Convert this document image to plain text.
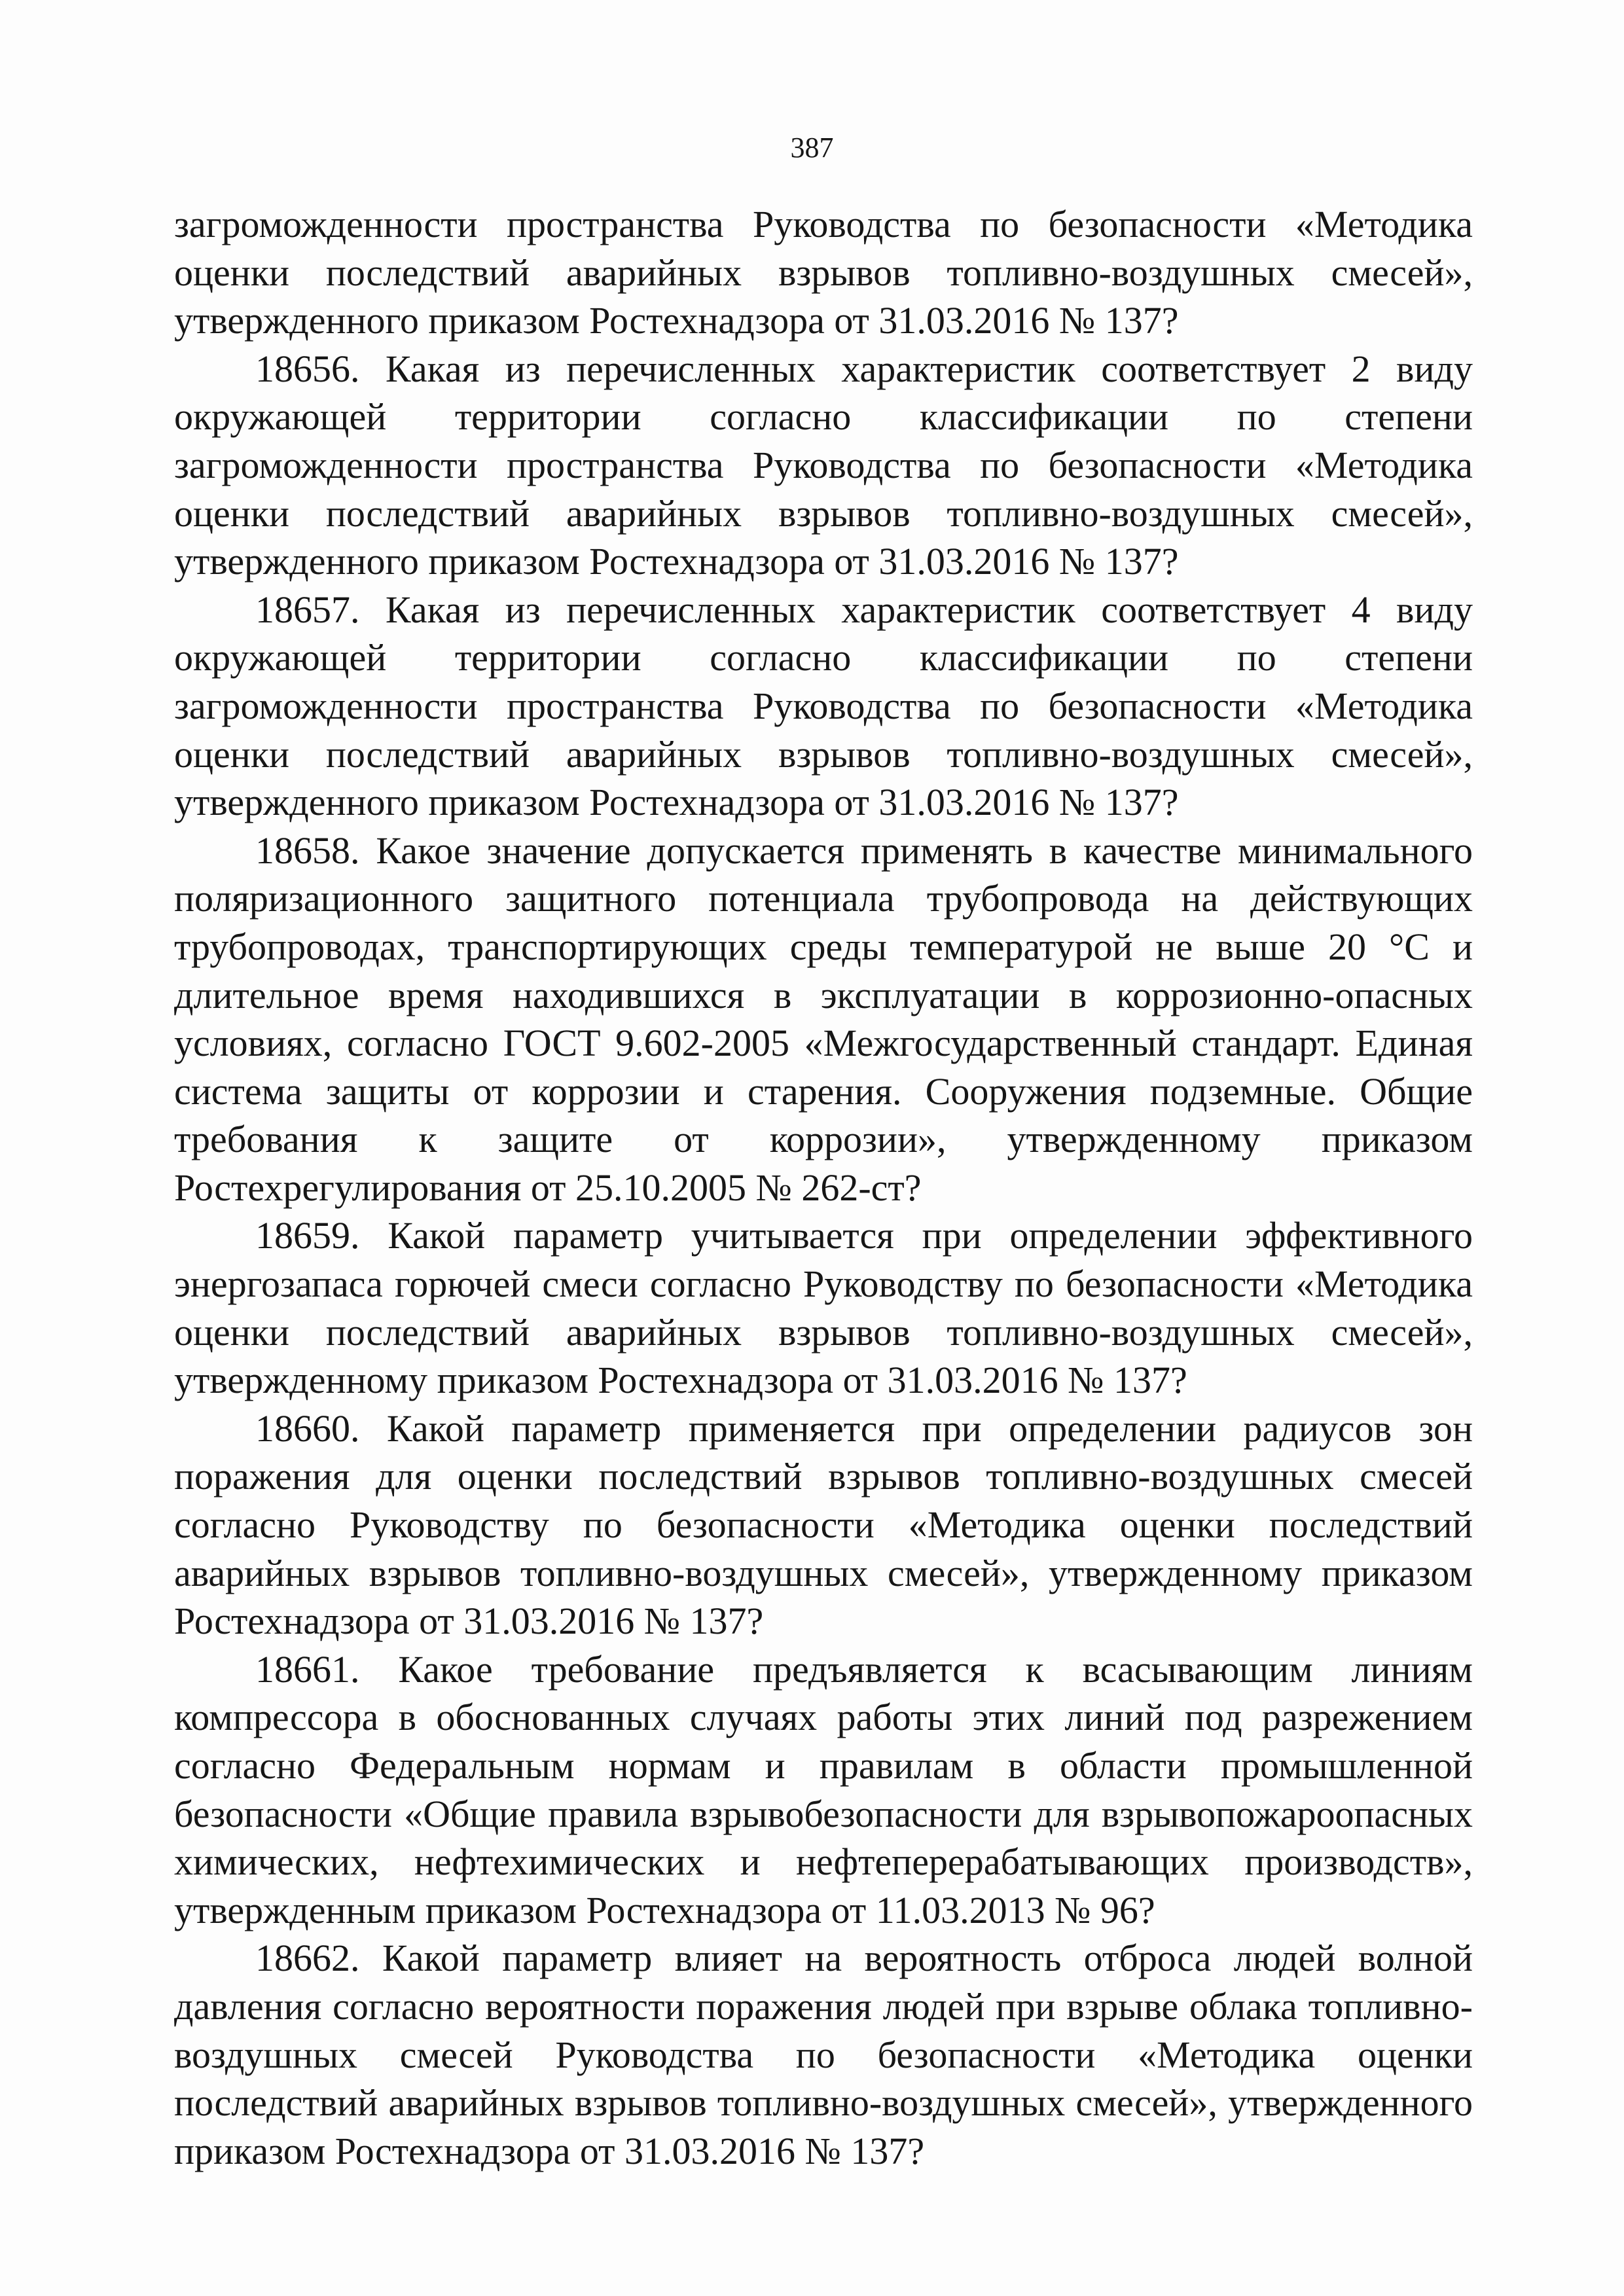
387

загроможденности пространства Руководства по безопасности «Методика оценки последствий аварийных взрывов топливно-воздушных смесей», утвержденного приказом Ростехнадзора от 31.03.2016 № 137?

18656. Какая из перечисленных характеристик соответствует 2 виду окружающей территории согласно классификации по степени загроможденности пространства Руководства по безопасности «Методика оценки последствий аварийных взрывов топливно-воздушных смесей», утвержденного приказом Ростехнадзора от 31.03.2016 № 137?

18657. Какая из перечисленных характеристик соответствует 4 виду окружающей территории согласно классификации по степени загроможденности пространства Руководства по безопасности «Методика оценки последствий аварийных взрывов топливно-воздушных смесей», утвержденного приказом Ростехнадзора от 31.03.2016 № 137?

18658. Какое значение допускается применять в качестве минимального поляризационного защитного потенциала трубопровода на действующих трубопроводах, транспортирующих среды температурой не выше 20 °С и длительное время находившихся в эксплуатации в коррозионно-опасных условиях, согласно ГОСТ 9.602-2005 «Межгосударственный стандарт. Единая система защиты от коррозии и старения. Сооружения подземные. Общие требования к защите от коррозии», утвержденному приказом Ростехрегулирования от 25.10.2005 № 262-ст?

18659. Какой параметр учитывается при определении эффективного энергозапаса горючей смеси согласно Руководству по безопасности «Методика оценки последствий аварийных взрывов топливно-воздушных смесей», утвержденному приказом Ростехнадзора от 31.03.2016 № 137?

18660. Какой параметр применяется при определении радиусов зон поражения для оценки последствий взрывов топливно-воздушных смесей согласно Руководству по безопасности «Методика оценки последствий аварийных взрывов топливно-воздушных смесей», утвержденному приказом Ростехнадзора от 31.03.2016 № 137?

18661. Какое требование предъявляется к всасывающим линиям компрессора в обоснованных случаях работы этих линий под разрежением согласно Федеральным нормам и правилам в области промышленной безопасности «Общие правила взрывобезопасности для взрывопожароопасных химических, нефтехимических и нефтеперерабатывающих производств», утвержденным приказом Ростехнадзора от 11.03.2013 № 96?

18662. Какой параметр влияет на вероятность отброса людей волной давления согласно вероятности поражения людей при взрыве облака топливно-воздушных смесей Руководства по безопасности «Методика оценки последствий аварийных взрывов топливно-воздушных смесей», утвержденного приказом Ростехнадзора от 31.03.2016 № 137?
